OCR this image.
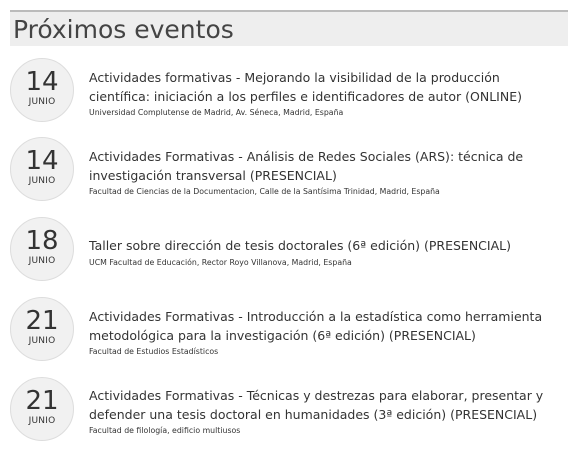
Próximos eventos
14
JUNIO
Actividades formativas - Mejorando la visibilidad de la producción científica: iniciación a los perfiles e identificadores de autor (ONLINE)
Universidad Complutense de Madrid, Av. Séneca, Madrid, España
14
JUNIO
Actividades Formativas - Análisis de Redes Sociales (ARS): técnica de investigación transversal (PRESENCIAL)
Facultad de Ciencias de la Documentacion, Calle de la Santísima Trinidad, Madrid, España
18
JUNIO
Taller sobre dirección de tesis doctorales (6ª edición) (PRESENCIAL)
UCM Facultad de Educación, Rector Royo Villanova, Madrid, España
21
JUNIO
Actividades Formativas - Introducción a la estadística como herramienta metodológica para la investigación (6ª edición) (PRESENCIAL)
Facultad de Estudios Estadísticos
21
JUNIO
Actividades Formativas - Técnicas y destrezas para elaborar, presentar y defender una tesis doctoral en humanidades (3ª edición) (PRESENCIAL)
Facultad de filología, edificio multiusos
